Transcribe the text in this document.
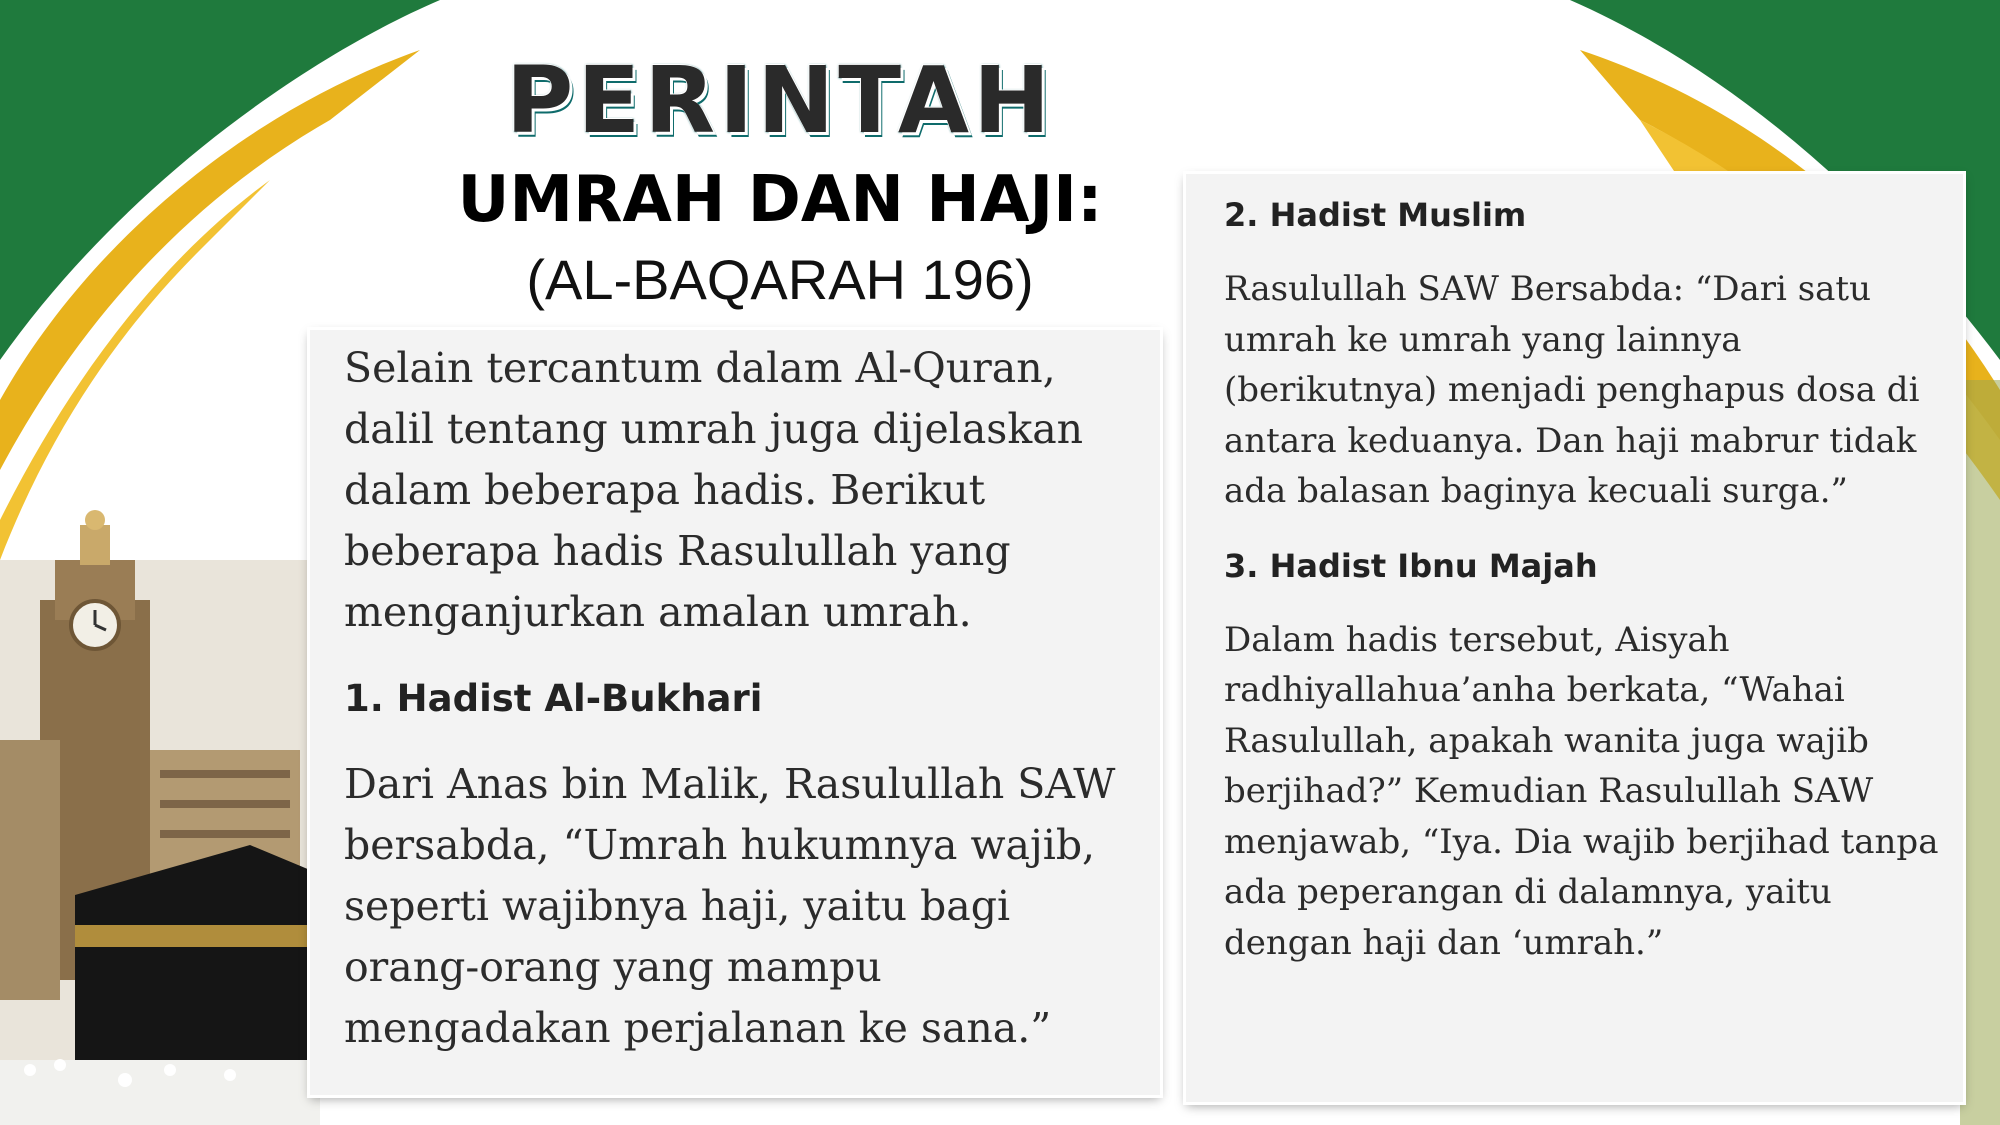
PERINTAH
UMRAH DAN HAJI:
(AL-BAQARAH 196)

Selain tercantum dalam Al-Quran, dalil tentang umrah juga dijelaskan dalam beberapa hadis. Berikut beberapa hadis Rasulullah yang menganjurkan amalan umrah.

1. Hadist Al-Bukhari

Dari Anas bin Malik, Rasulullah SAW bersabda, “Umrah hukumnya wajib, seperti wajibnya haji, yaitu bagi orang-orang yang mampu mengadakan perjalanan ke sana.”

2. Hadist Muslim

Rasulullah SAW Bersabda: “Dari satu umrah ke umrah yang lainnya (berikutnya) menjadi penghapus dosa di antara keduanya. Dan haji mabrur tidak ada balasan baginya kecuali surga.”

3. Hadist Ibnu Majah

Dalam hadis tersebut, Aisyah radhiyallahua’anha berkata, “Wahai Rasulullah, apakah wanita juga wajib berjihad?” Kemudian Rasulullah SAW menjawab, “Iya. Dia wajib berjihad tanpa ada peperangan di dalamnya, yaitu dengan haji dan ‘umrah.”
